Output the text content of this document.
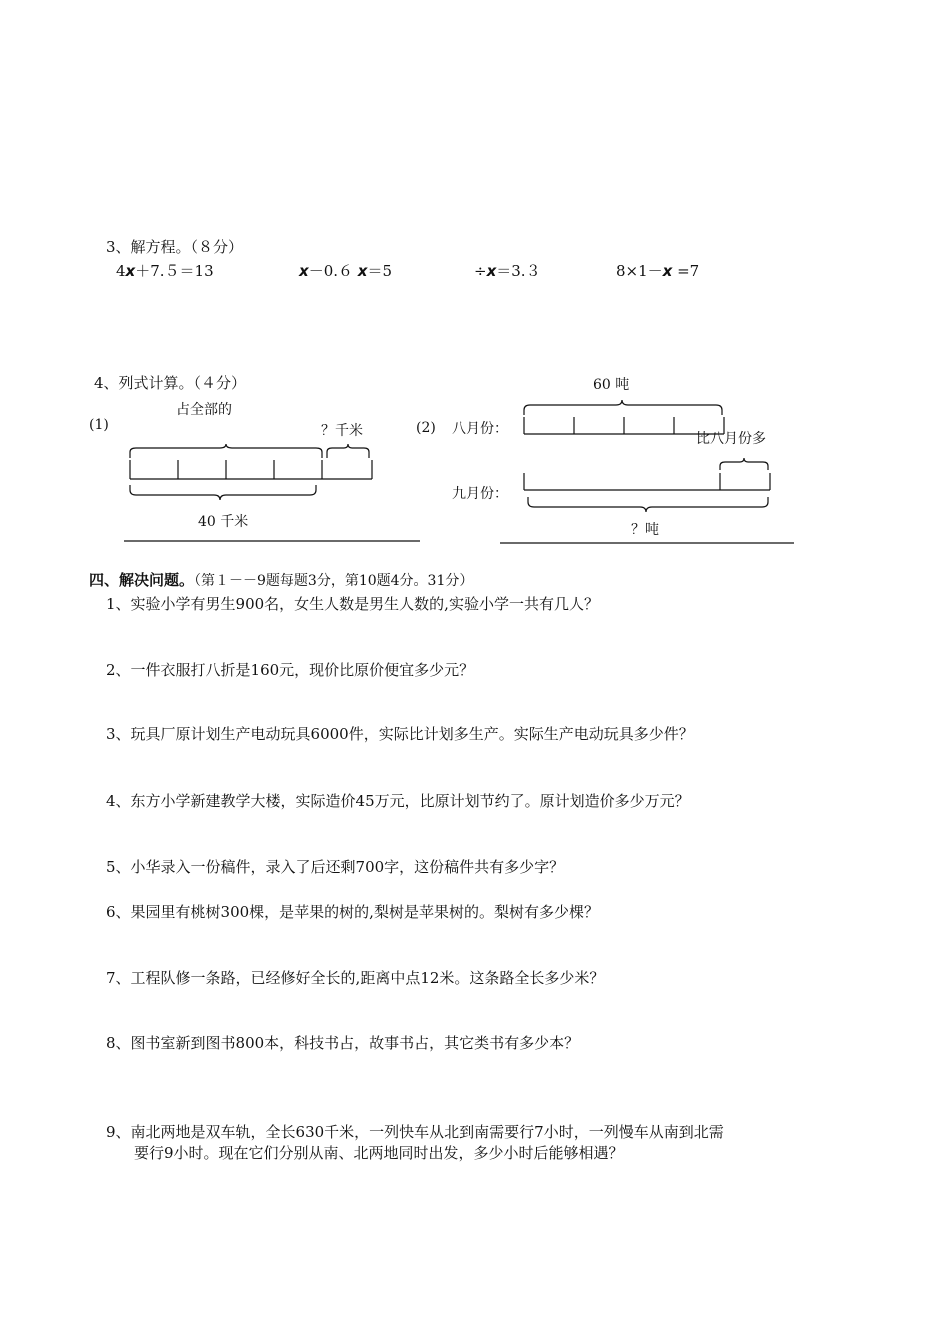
3、解方程。（８分）
4x＋7.５＝13	x－0.６ x＝5	÷x＝3.３	8×1－x =7
4、列式计算。（４分）
(1)
占全部的
？千米
40 千米
(2)
60 吨
八月份：
比八月份多
九月份：
？吨
四、解决问题。（第１－－9题每题3分，第10题4分。31分）
1、实验小学有男生900名，女生人数是男生人数的,实验小学一共有几人？
2、一件衣服打八折是160元，现价比原价便宜多少元？
3、玩具厂原计划生产电动玩具6000件，实际比计划多生产。实际生产电动玩具多少件？
4、东方小学新建教学大楼，实际造价45万元，比原计划节约了。原计划造价多少万元？
5、小华录入一份稿件，录入了后还剩700字，这份稿件共有多少字？
6、果园里有桃树300棵，是苹果的树的,梨树是苹果树的。梨树有多少棵？
7、工程队修一条路，已经修好全长的,距离中点12米。这条路全长多少米？
8、图书室新到图书800本，科技书占，故事书占，其它类书有多少本？
9、南北两地是双车轨，全长630千米，一列快车从北到南需要行7小时，一列慢车从南到北需
要行9小时。现在它们分别从南、北两地同时出发，多少小时后能够相遇？
